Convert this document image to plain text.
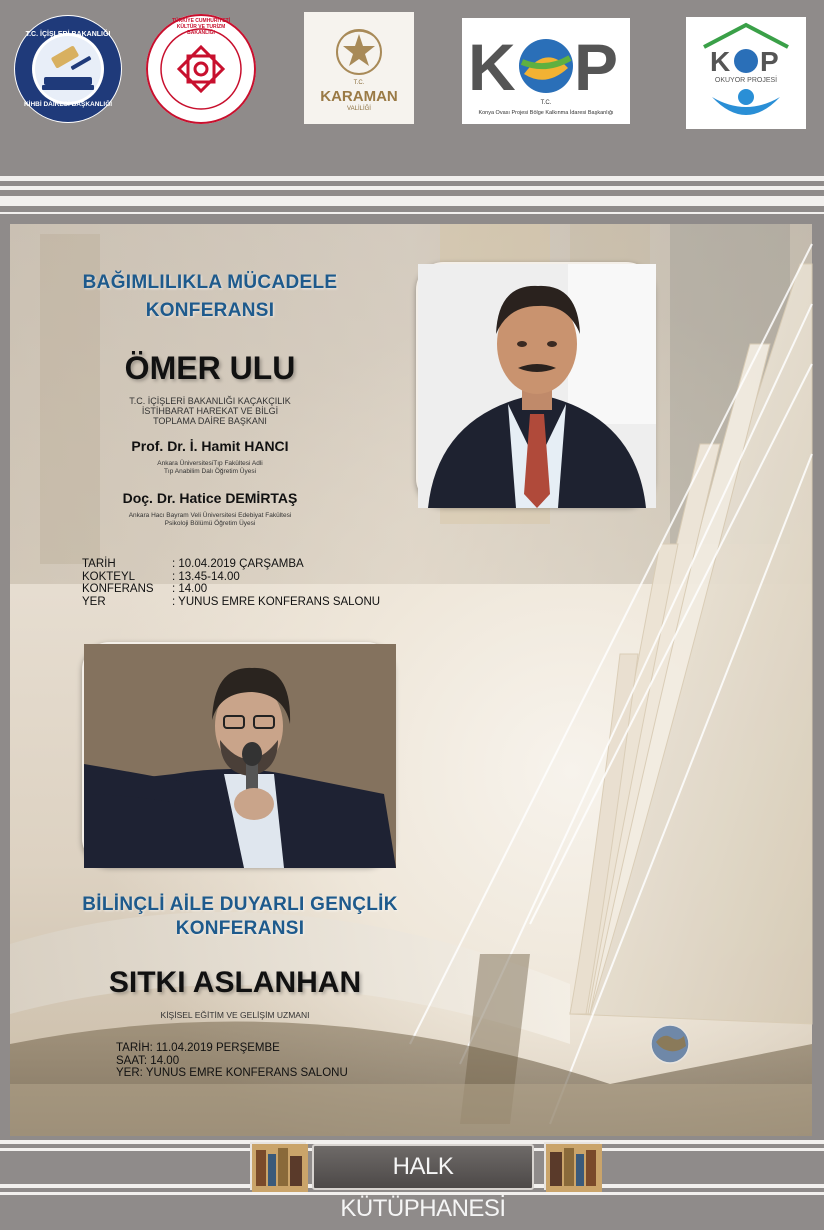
T.C. İÇİŞLERİ BAKANLIĞI
KİHBİ DAİRESİ BAŞKANLIĞI
TÜRKİYE CUMHURİYETİ KÜLTÜR VE TURİZM BAKANLIĞI
T.C.
KARAMAN
VALİLİĞİ
K P
T.C.
Konya Ovası Projesi Bölge Kalkınma İdaresi Başkanlığı
K P
OKUYOR PROJESİ
BAĞIMLILIKLA MÜCADELE
KONFERANSI
ÖMER ULU
T.C. İÇİŞLERİ BAKANLIĞI KAÇAKÇILIK
İSTİHBARAT HAREKAT VE BİLGİ
TOPLAMA DAİRE BAŞKANI
Prof. Dr. İ. Hamit HANCI
Ankara ÜniversitesiTıp Fakültesi Adli
Tıp Anabilim Dalı Öğretim Üyesi
Doç. Dr. Hatice DEMİRTAŞ
Ankara Hacı Bayram Veli Üniversitesi Edebiyat Fakültesi
Psikoloji Bölümü Öğretim Üyesi
TARİH	: 10.04.2019 ÇARŞAMBA
KOKTEYL	: 13.45-14.00
KONFERANS : 14.00
YER	: YUNUS EMRE KONFERANS SALONU
BİLİNÇLİ AİLE DUYARLI GENÇLİK
KONFERANSI
SITKI ASLANHAN
KİŞİSEL EĞİTİM VE GELİŞİM UZMANI
TARİH: 11.04.2019 PERŞEMBE
SAAT: 14.00
YER: YUNUS EMRE KONFERANS SALONU
HALK KÜTÜPHANESİ
